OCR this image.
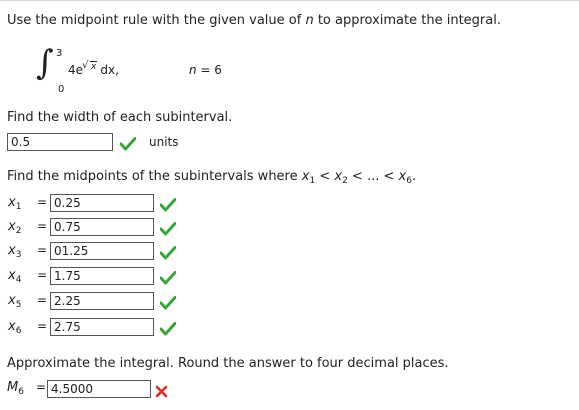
Use the midpoint rule with the given value of n to approximate the integral.
∫ 3
0
4e√ x dx,	n = 6
Find the width of each subinterval.
0.5	units
Find the midpoints of the subintervals where $x_1 < x_2$ < ... < $x_6$.
$x_1 = 0.25$
$x_2 = 0.75$
$x_3 = 01.25$
$x_4 = 1.75$
$x_5 = 2.25$
$x_6 = 2.75$
Approximate the integral. Round the answer to four decimal places.
$M_6 = 4.5000$
